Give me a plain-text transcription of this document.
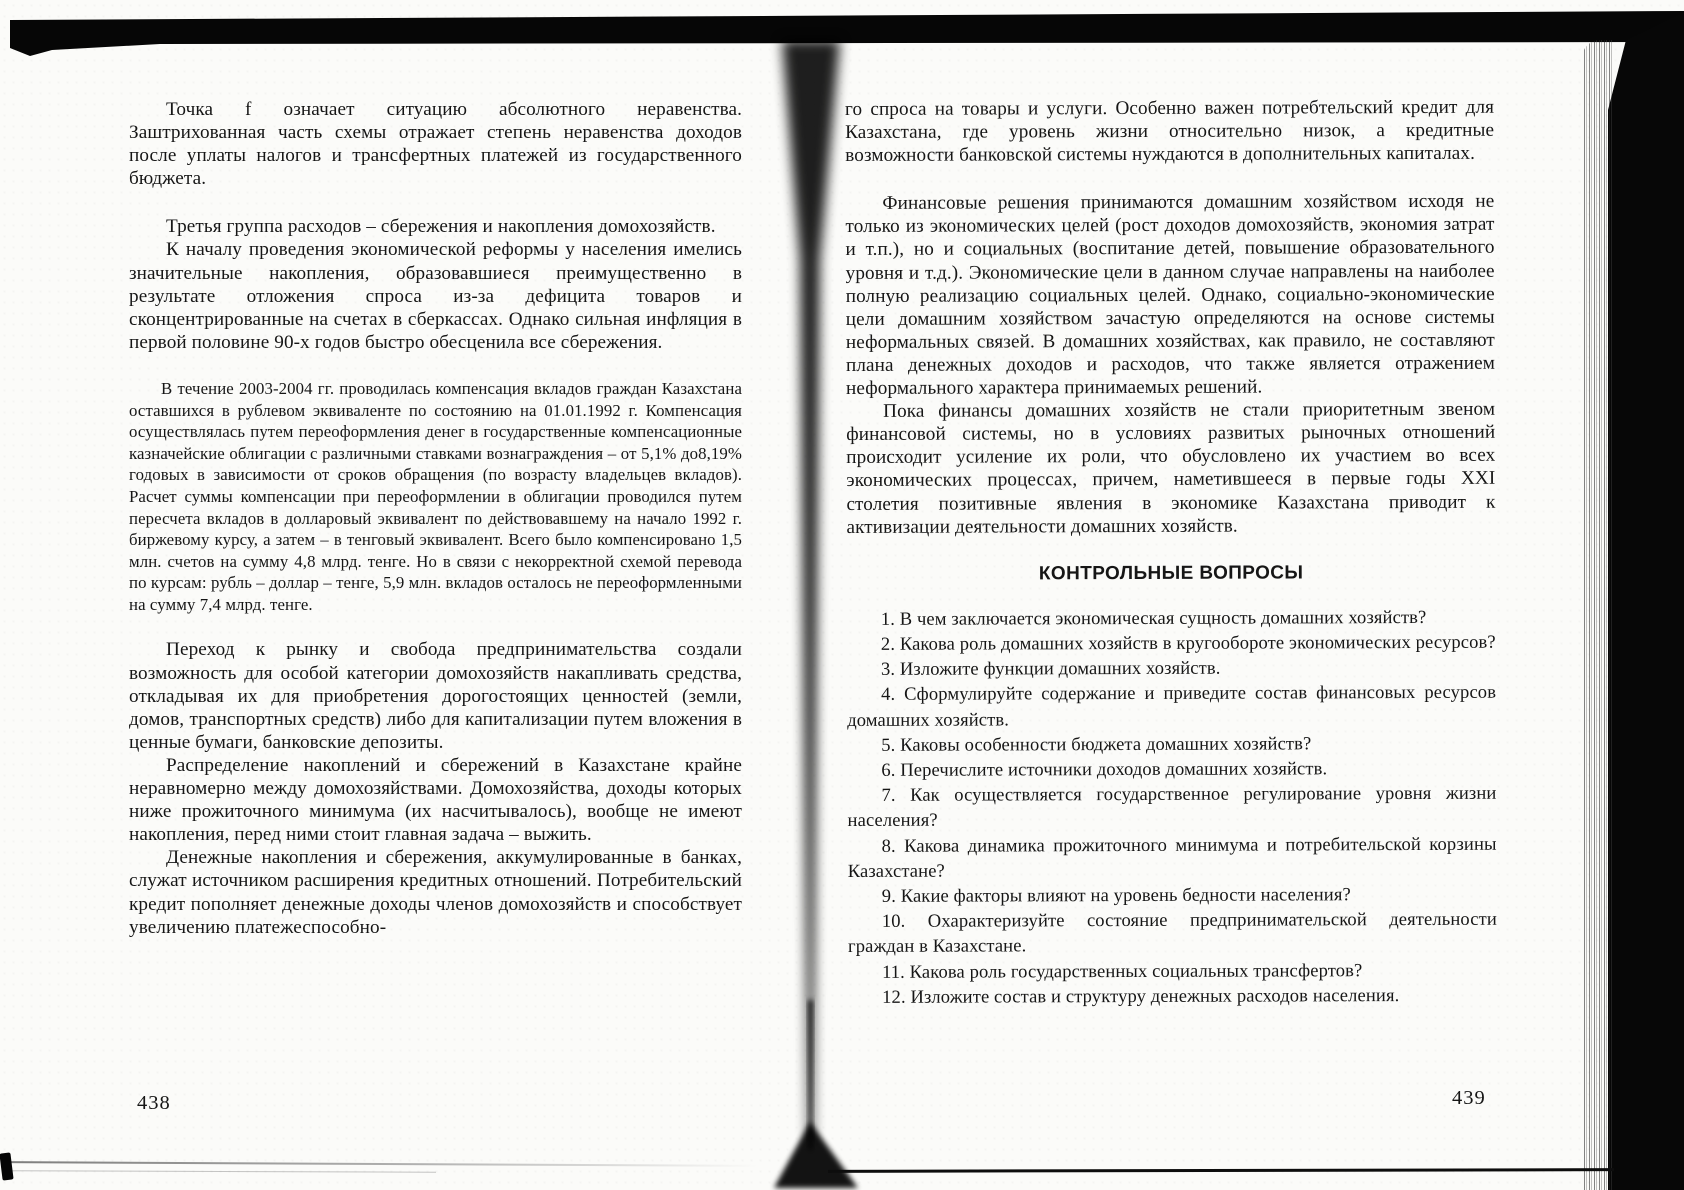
Точка f означает ситуацию абсолютного неравенства. Заштрихованная часть схемы отражает степень неравенства доходов после уплаты налогов и трансфертных платежей из государственного бюджета.

Третья группа расходов – сбережения и накопления домохозяйств.

К началу проведения экономической реформы у населения имелись значительные накопления, образовавшиеся преимущественно в результате отложения спроса из-за дефицита товаров и сконцентрированные на счетах в сберкассах. Однако сильная инфляция в первой половине 90-х годов быстро обесценила все сбережения.

В течение 2003-2004 гг. проводилась компенсация вкладов граждан Казахстана оставшихся в рублевом эквиваленте по состоянию на 01.01.1992 г. Компенсация осуществлялась путем переоформления денег в государственные компенсационные казначейские облигации с различными ставками вознаграждения – от 5,1% до8,19% годовых в зависимости от сроков обращения (по возрасту владельцев вкладов). Расчет суммы компенсации при переоформлении в облигации проводился путем пересчета вкладов в долларовый эквивалент по действовавшему на начало 1992 г. биржевому курсу, а затем – в тенговый эквивалент. Всего было компенсировано 1,5 млн. счетов на сумму 4,8 млрд. тенге. Но в связи с некорректной схемой перевода по курсам: рубль – доллар – тенге, 5,9 млн. вкладов осталось не переоформленными на сумму 7,4 млрд. тенге.

Переход к рынку и свобода предпринимательства создали возможность для особой категории домохозяйств накапливать средства, откладывая их для приобретения дорогостоящих ценностей (земли, домов, транспортных средств) либо для капитализации путем вложения в ценные бумаги, банковские депозиты.

Распределение накоплений и сбережений в Казахстане крайне неравномерно между домохозяйствами. Домохозяйства, доходы которых ниже прожиточного минимума (их насчитывалось), вообще не имеют накопления, перед ними стоит главная задача – выжить.

Денежные накопления и сбережения, аккумулированные в банках, служат источником расширения кредитных отношений. Потребительский кредит пополняет денежные доходы членов домохозяйств и способствует увеличению платежеспособно-

438

го спроса на товары и услуги. Особенно важен потребтельский кредит для Казахстана, где уровень жизни относительно низок, а кредитные возможности банковской системы нуждаются в дополнительных капиталах.

Финансовые решения принимаются домашним хозяйством исходя не только из экономических целей (рост доходов домохозяйств, экономия затрат и т.п.), но и социальных (воспитание детей, повышение образовательного уровня и т.д.). Экономические цели в данном случае направлены на наиболее полную реализацию социальных целей. Однако, социально-экономические цели домашним хозяйством зачастую определяются на основе системы неформальных связей. В домашних хозяйствах, как правило, не составляют плана денежных доходов и расходов, что также является отражением неформального характера принимаемых решений.

Пока финансы домашних хозяйств не стали приоритетным звеном финансовой системы, но в условиях развитых рыночных отношений происходит усиление их роли, что обусловлено их участием во всех экономических процессах, причем, наметившееся в первые годы XXI столетия позитивные явления в экономике Казахстана приводит к активизации деятельности домашних хозяйств.

КОНТРОЛЬНЫЕ ВОПРОСЫ

1. В чем заключается экономическая сущность домашних хозяйств?

2. Какова роль домашних хозяйств в кругообороте экономических ресурсов?

3. Изложите функции домашних хозяйств.

4. Сформулируйте содержание и приведите состав финансовых ресурсов домашних хозяйств.

5. Каковы особенности бюджета домашних хозяйств?

6. Перечислите источники доходов домашних хозяйств.

7. Как осуществляется государственное регулирование уровня жизни населения?

8. Какова динамика прожиточного минимума и потребительской корзины Казахстане?

9. Какие факторы влияют на уровень бедности населения?

10. Охарактеризуйте состояние предпринимательской деятельности граждан в Казахстане.

11. Какова роль государственных социальных трансфертов?

12. Изложите состав и структуру денежных расходов населения.

439
